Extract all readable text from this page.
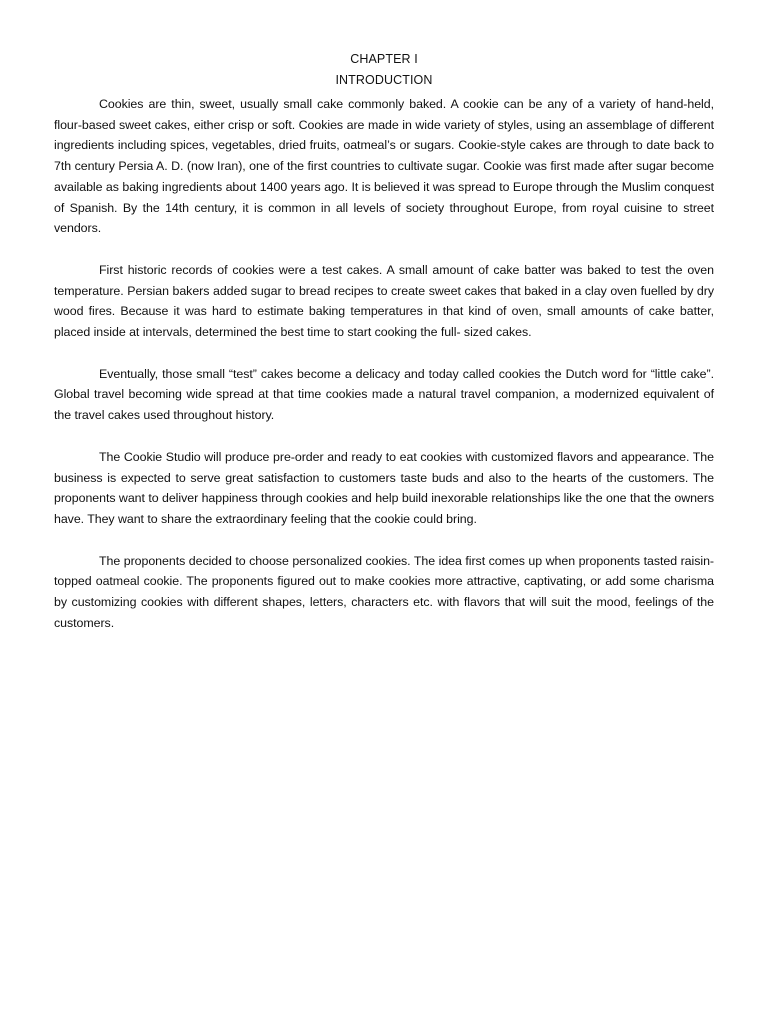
CHAPTER I
INTRODUCTION

Cookies are thin, sweet, usually small cake commonly baked. A cookie can be any of a variety of hand-held, flour-based sweet cakes, either crisp or soft. Cookies are made in wide variety of styles, using an assemblage of different ingredients including spices, vegetables, dried fruits, oatmeal’s or sugars. Cookie-style cakes are through to date back to 7th century Persia A. D. (now Iran), one of the first countries to cultivate sugar. Cookie was first made after sugar become available as baking ingredients about 1400 years ago. It is believed it was spread to Europe through the Muslim conquest of Spanish. By the 14th century, it is common in all levels of society throughout Europe, from royal cuisine to street vendors.

First historic records of cookies were a test cakes. A small amount of cake batter was baked to test the oven temperature. Persian bakers added sugar to bread recipes to create sweet cakes that baked in a clay oven fuelled by dry wood fires. Because it was hard to estimate baking temperatures in that kind of oven, small amounts of cake batter, placed inside at intervals, determined the best time to start cooking the full- sized cakes.

Eventually, those small “test” cakes become a delicacy and today called cookies the Dutch word for “little cake”. Global travel becoming wide spread at that time cookies made a natural travel companion, a modernized equivalent of the travel cakes used throughout history.

The Cookie Studio will produce pre-order and ready to eat cookies with customized flavors and appearance. The business is expected to serve great satisfaction to customers taste buds and also to the hearts of the customers. The proponents want to deliver happiness through cookies and help build inexorable relationships like the one that the owners have. They want to share the extraordinary feeling that the cookie could bring.

The proponents decided to choose personalized cookies. The idea first comes up when proponents tasted raisin-topped oatmeal cookie. The proponents figured out to make cookies more attractive, captivating, or add some charisma by customizing cookies with different shapes, letters, characters etc. with flavors that will suit the mood, feelings of the customers.
